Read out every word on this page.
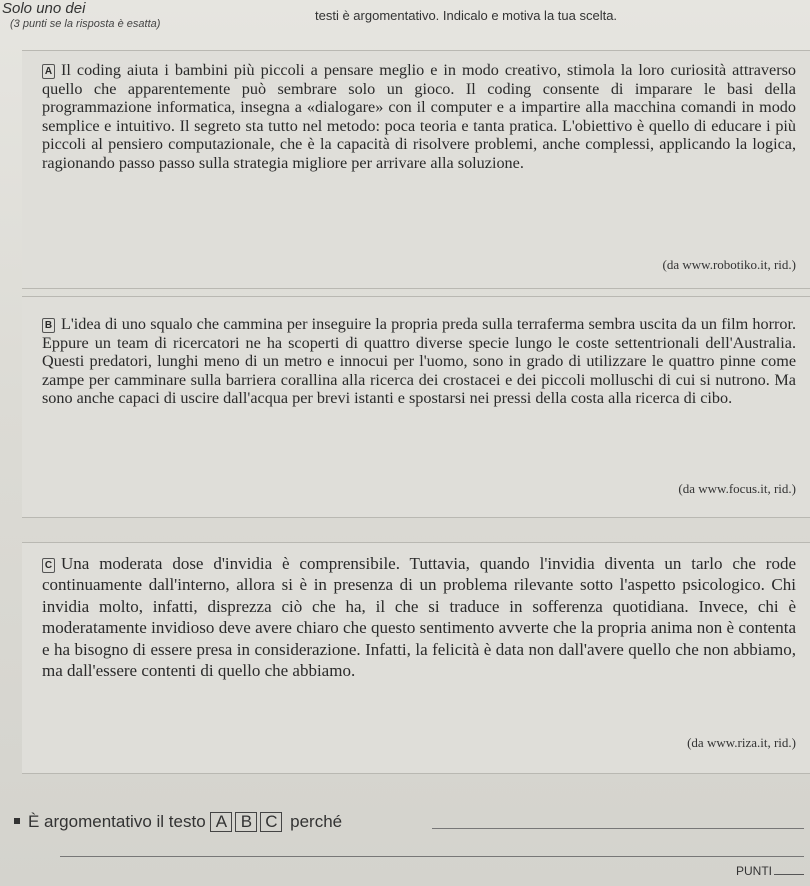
Solo uno dei
(3 punti se la risposta è esatta)
testi è argomentativo. Indicalo e motiva la tua scelta.
A Il coding aiuta i bambini più piccoli a pensare meglio e in modo creativo, stimola la loro curiosità attraverso quello che apparentemente può sembrare solo un gioco. Il coding consente di imparare le basi della programmazione informatica, insegna a «dialogare» con il computer e a impartire alla macchina comandi in modo semplice e intuitivo. Il segreto sta tutto nel metodo: poca teoria e tanta pratica. L'obiettivo è quello di educare i più piccoli al pensiero computazionale, che è la capacità di risolvere problemi, anche complessi, applicando la logica, ragionando passo passo sulla strategia migliore per arrivare alla soluzione.
(da www.robotiko.it, rid.)
B L'idea di uno squalo che cammina per inseguire la propria preda sulla terraferma sembra uscita da un film horror. Eppure un team di ricercatori ne ha scoperti di quattro diverse specie lungo le coste settentrionali dell'Australia. Questi predatori, lunghi meno di un metro e innocui per l'uomo, sono in grado di utilizzare le quattro pinne come zampe per camminare sulla barriera corallina alla ricerca dei crostacei e dei piccoli molluschi di cui si nutrono. Ma sono anche capaci di uscire dall'acqua per brevi istanti e spostarsi nei pressi della costa alla ricerca di cibo.
(da www.focus.it, rid.)
C Una moderata dose d'invidia è comprensibile. Tuttavia, quando l'invidia diventa un tarlo che rode continuamente dall'interno, allora si è in presenza di un problema rilevante sotto l'aspetto psicologico. Chi invidia molto, infatti, disprezza ciò che ha, il che si traduce in sofferenza quotidiana. Invece, chi è moderatamente invidioso deve avere chiaro che questo sentimento avverte che la propria anima non è contenta e ha bisogno di essere presa in considerazione. Infatti, la felicità è data non dall'avere quello che non abbiamo, ma dall'essere contenti di quello che abbiamo.
(da www.riza.it, rid.)
È argomentativo il testo A B C perché
PUNTI
